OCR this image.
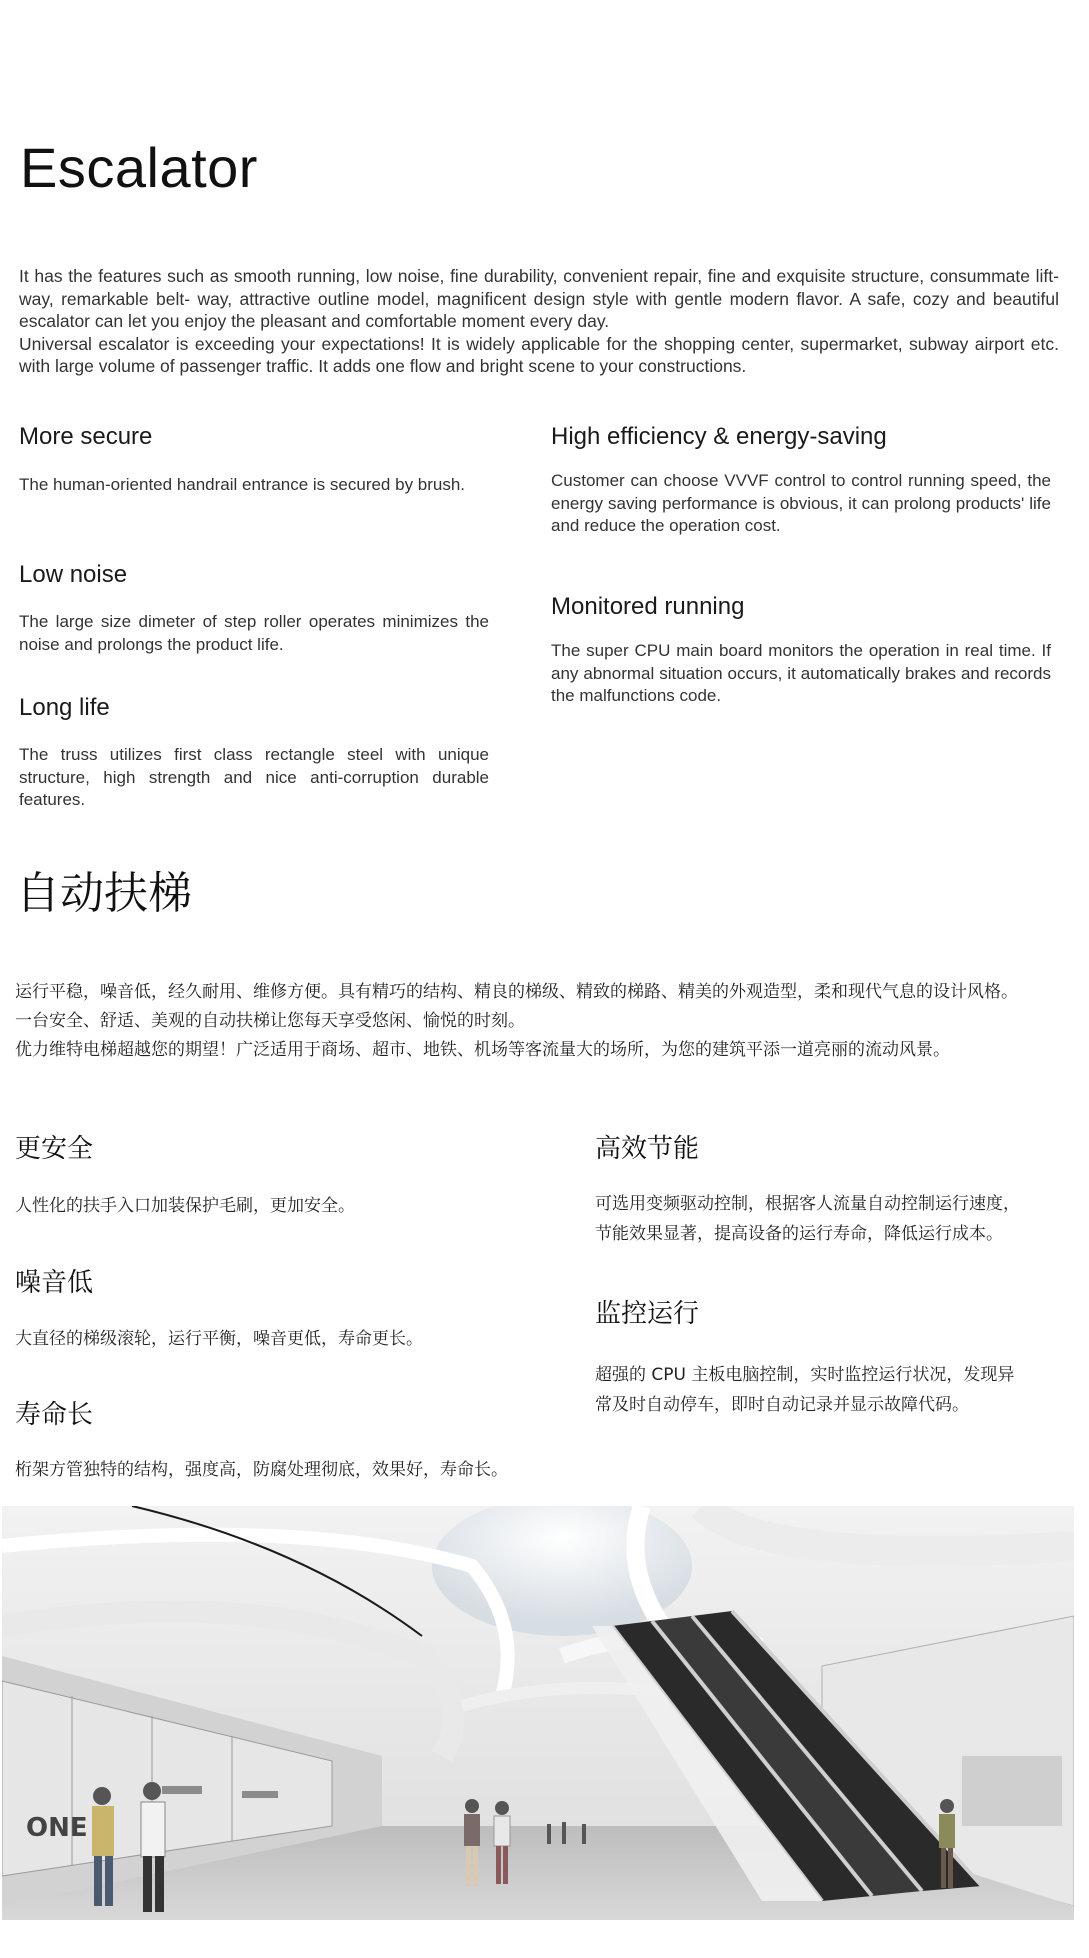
Escalator

It has the features such as smooth running, low noise, fine durability, convenient repair, fine and exquisite structure, consummate lift-way, remarkable belt- way, attractive outline model, magnificent design style with gentle modern flavor. A safe, cozy and beautiful escalator can let you enjoy the pleasant and comfortable moment every day.

Universal escalator is exceeding your expectations! It is widely applicable for the shopping center, supermarket, subway airport etc. with large volume of passenger traffic. It adds one flow and bright scene to your constructions.

More secure

The human-oriented handrail entrance is secured by brush.

Low noise

The large size dimeter of step roller operates minimizes the noise and prolongs the product life.

Long life

The truss utilizes first class rectangle steel with unique structure, high strength and nice anti-corruption durable features.

High efficiency & energy-saving

Customer can choose VVVF control to control running speed, the energy saving performance is obvious, it can prolong products' life and reduce the operation cost.

Monitored running

The super CPU main board monitors the operation in real time. If any abnormal situation occurs, it automatically brakes and records the malfunctions code.

自动扶梯

运行平稳，噪音低，经久耐用、维修方便。具有精巧的结构、精良的梯级、精致的梯路、精美的外观造型，柔和现代气息的设计风格。

一台安全、舒适、美观的自动扶梯让您每天享受悠闲、愉悦的时刻。

优力维特电梯超越您的期望！广泛适用于商场、超市、地铁、机场等客流量大的场所，为您的建筑平添一道亮丽的流动风景。

更安全

人性化的扶手入口加装保护毛刷，更加安全。

噪音低

大直径的梯级滚轮，运行平衡，噪音更低，寿命更长。

寿命长

桁架方管独特的结构，强度高，防腐处理彻底，效果好，寿命长。

高效节能

可选用变频驱动控制，根据客人流量自动控制运行速度，

节能效果显著，提高设备的运行寿命，降低运行成本。

监控运行

超强的 CPU 主板电脑控制，实时监控运行状况，发现异

常及时自动停车，即时自动记录并显示故障代码。

ONE
